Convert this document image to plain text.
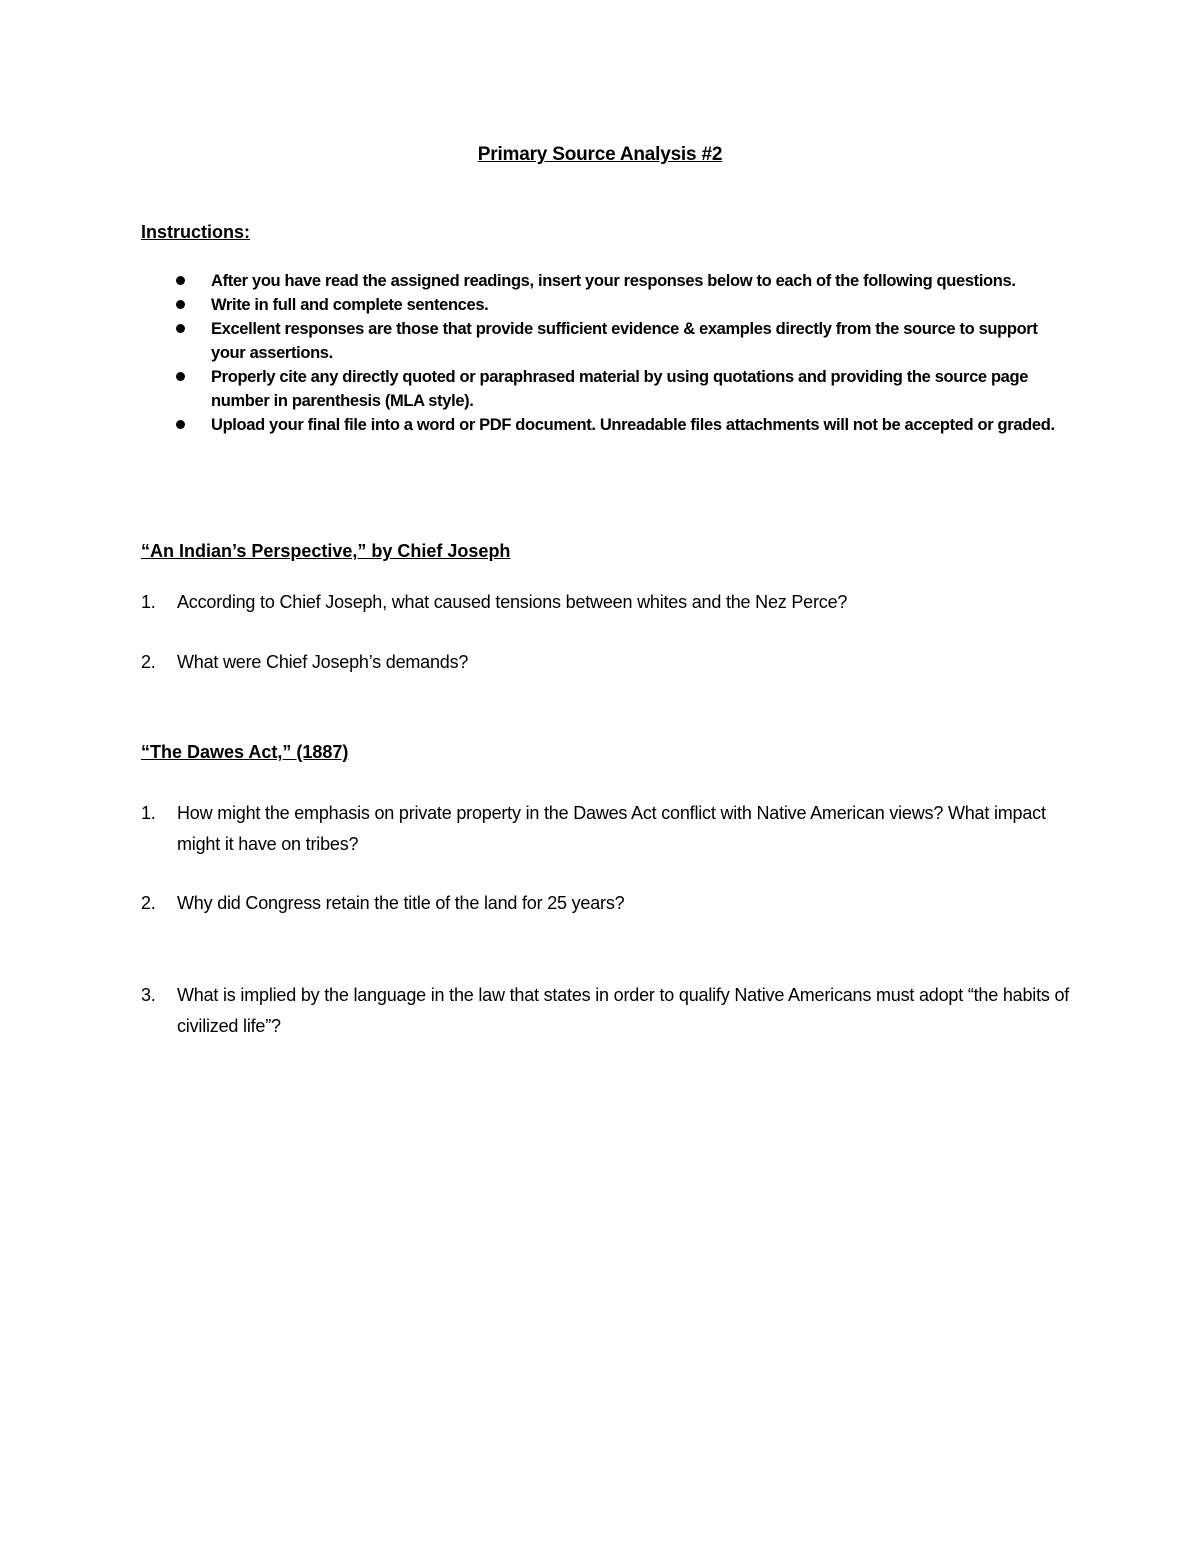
Primary Source Analysis #2
Instructions:
After you have read the assigned readings, insert your responses below to each of the following questions.
Write in full and complete sentences.
Excellent responses are those that provide sufficient evidence & examples directly from the source to support your assertions.
Properly cite any directly quoted or paraphrased material by using quotations and providing the source page number in parenthesis (MLA style).
Upload your final file into a word or PDF document. Unreadable files attachments will not be accepted or graded.
“An Indian’s Perspective,” by Chief Joseph
1.	According to Chief Joseph, what caused tensions between whites and the Nez Perce?
2.	What were Chief Joseph’s demands?
“The Dawes Act,” (1887)
1.	How might the emphasis on private property in the Dawes Act conflict with Native American views? What impact might it have on tribes?
2.	Why did Congress retain the title of the land for 25 years?
3.	What is implied by the language in the law that states in order to qualify Native Americans must adopt “the habits of civilized life”?
